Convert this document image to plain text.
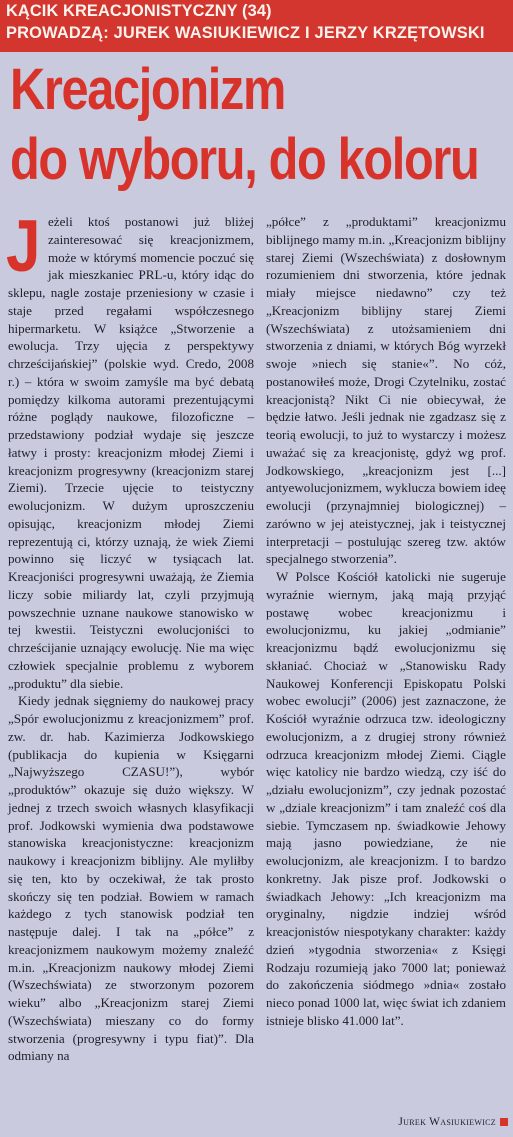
KĄCIK KREACJONISTYCZNY (34)
PROWADZĄ: JUREK WASIUKIEWICZ I JERZY KRZĘTOWSKI
Kreacjonizm
do wyboru, do koloru

Jeżeli ktoś postanowi już bliżej zainteresować się kreacjonizmem, może w którymś momencie poczuć się jak mieszkaniec PRL-u, który idąc do sklepu, nagle zostaje przeniesiony w czasie i staje przed regałami współczesnego hipermarketu. W książce „Stworzenie a ewolucja. Trzy ujęcia z perspektywy chrześcijańskiej” (polskie wyd. Credo, 2008 r.) – która w swoim zamyśle ma być debatą pomiędzy kilkoma autorami prezentującymi różne poglądy naukowe, filozoficzne – przedstawiony podział wydaje się jeszcze łatwy i prosty: kreacjonizm młodej Ziemi i kreacjonizm progresywny (kreacjonizm starej Ziemi). Trzecie ujęcie to teistyczny ewolucjonizm. W dużym uproszczeniu opisując, kreacjonizm młodej Ziemi reprezentują ci, którzy uznają, że wiek Ziemi powinno się liczyć w tysiącach lat. Kreacjoniści progresywni uważają, że Ziemia liczy sobie miliardy lat, czyli przyjmują powszechnie uznane naukowe stanowisko w tej kwestii. Teistyczni ewolucjoniści to chrześcijanie uznający ewolucję. Nie ma więc człowiek specjalnie problemu z wyborem „produktu” dla siebie.

Kiedy jednak sięgniemy do naukowej pracy „Spór ewolucjonizmu z kreacjonizmem” prof. zw. dr. hab. Kazimierza Jodkowskiego (publikacja do kupienia w Księgarni „Najwyższego CZASU!”), wybór „produktów” okazuje się dużo większy. W jednej z trzech swoich własnych klasyfikacji prof. Jodkowski wymienia dwa podstawowe stanowiska kreacjonistyczne: kreacjonizm naukowy i kreacjonizm biblijny. Ale myliłby się ten, kto by oczekiwał, że tak prosto skończy się ten podział. Bowiem w ramach każdego z tych stanowisk podział ten następuje dalej. I tak na „półce” z kreacjonizmem naukowym możemy znaleźć m.in. „Kreacjonizm naukowy młodej Ziemi (Wszechświata) ze stworzonym pozorem wieku” albo „Kreacjonizm starej Ziemi (Wszechświata) mieszany co do formy stworzenia (progresywny i typu fiat)”. Dla odmiany na

„półce” z „produktami” kreacjonizmu biblijnego mamy m.in. „Kreacjonizm biblijny starej Ziemi (Wszechświata) z dosłownym rozumieniem dni stworzenia, które jednak miały miejsce niedawno” czy też „Kreacjonizm biblijny starej Ziemi (Wszechświata) z utożsamieniem dni stworzenia z dniami, w których Bóg wyrzekł swoje »niech się stanie«”. No cóż, postanowiłeś może, Drogi Czytelniku, zostać kreacjonistą? Nikt Ci nie obiecywał, że będzie łatwo. Jeśli jednak nie zgadzasz się z teorią ewolucji, to już to wystarczy i możesz uważać się za kreacjonistę, gdyż wg prof. Jodkowskiego, „kreacjonizm jest [...] antyewolucjonizmem, wyklucza bowiem ideę ewolucji (przynajmniej biologicznej) – zarówno w jej ateistycznej, jak i teistycznej interpretacji – postulując szereg tzw. aktów specjalnego stworzenia”.

W Polsce Kościół katolicki nie sugeruje wyraźnie wiernym, jaką mają przyjąć postawę wobec kreacjonizmu i ewolucjonizmu, ku jakiej „odmianie” kreacjonizmu bądź ewolucjonizmu się skłaniać. Chociaż w „Stanowisku Rady Naukowej Konferencji Episkopatu Polski wobec ewolucji” (2006) jest zaznaczone, że Kościół wyraźnie odrzuca tzw. ideologiczny ewolucjonizm, a z drugiej strony również odrzuca kreacjonizm młodej Ziemi. Ciągle więc katolicy nie bardzo wiedzą, czy iść do „działu ewolucjonizm”, czy jednak pozostać w „dziale kreacjonizm” i tam znaleźć coś dla siebie. Tymczasem np. świadkowie Jehowy mają jasno powiedziane, że nie ewolucjonizm, ale kreacjonizm. I to bardzo konkretny. Jak pisze prof. Jodkowski o świadkach Jehowy: „Ich kreacjonizm ma oryginalny, nigdzie indziej wśród kreacjonistów niespotykany charakter: każdy dzień »tygodnia stworzenia« z Księgi Rodzaju rozumieją jako 7000 lat; ponieważ do zakończenia siódmego »dnia« zostało nieco ponad 1000 lat, więc świat ich zdaniem istnieje blisko 41.000 lat”.

Jurek Wasiukiewicz
